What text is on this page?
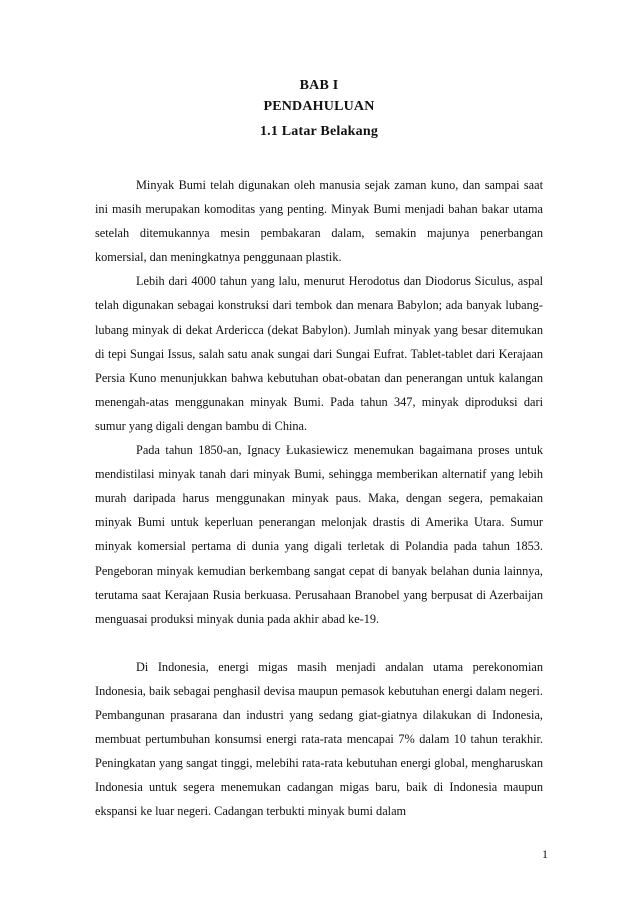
BAB I
PENDAHULUAN
1.1 Latar Belakang

Minyak Bumi telah digunakan oleh manusia sejak zaman kuno, dan sampai saat ini masih merupakan komoditas yang penting. Minyak Bumi menjadi bahan bakar utama setelah ditemukannya mesin pembakaran dalam, semakin majunya penerbangan komersial, dan meningkatnya penggunaan plastik.

Lebih dari 4000 tahun yang lalu, menurut Herodotus dan Diodorus Siculus, aspal telah digunakan sebagai konstruksi dari tembok dan menara Babylon; ada banyak lubang-lubang minyak di dekat Ardericca (dekat Babylon). Jumlah minyak yang besar ditemukan di tepi Sungai Issus, salah satu anak sungai dari Sungai Eufrat. Tablet-tablet dari Kerajaan Persia Kuno menunjukkan bahwa kebutuhan obat-obatan dan penerangan untuk kalangan menengah-atas menggunakan minyak Bumi. Pada tahun 347, minyak diproduksi dari sumur yang digali dengan bambu di China.

Pada tahun 1850-an, Ignacy Łukasiewicz menemukan bagaimana proses untuk mendistilasi minyak tanah dari minyak Bumi, sehingga memberikan alternatif yang lebih murah daripada harus menggunakan minyak paus. Maka, dengan segera, pemakaian minyak Bumi untuk keperluan penerangan melonjak drastis di Amerika Utara. Sumur minyak komersial pertama di dunia yang digali terletak di Polandia pada tahun 1853. Pengeboran minyak kemudian berkembang sangat cepat di banyak belahan dunia lainnya, terutama saat Kerajaan Rusia berkuasa. Perusahaan Branobel yang berpusat di Azerbaijan menguasai produksi minyak dunia pada akhir abad ke-19.

Di Indonesia, energi migas masih menjadi andalan utama perekonomian Indonesia, baik sebagai penghasil devisa maupun pemasok kebutuhan energi dalam negeri. Pembangunan prasarana dan industri yang sedang giat-giatnya dilakukan di Indonesia, membuat pertumbuhan konsumsi energi rata-rata mencapai 7% dalam 10 tahun terakhir. Peningkatan yang sangat tinggi, melebihi rata-rata kebutuhan energi global, mengharuskan Indonesia untuk segera menemukan cadangan migas baru, baik di Indonesia maupun ekspansi ke luar negeri. Cadangan terbukti minyak bumi dalam

1
